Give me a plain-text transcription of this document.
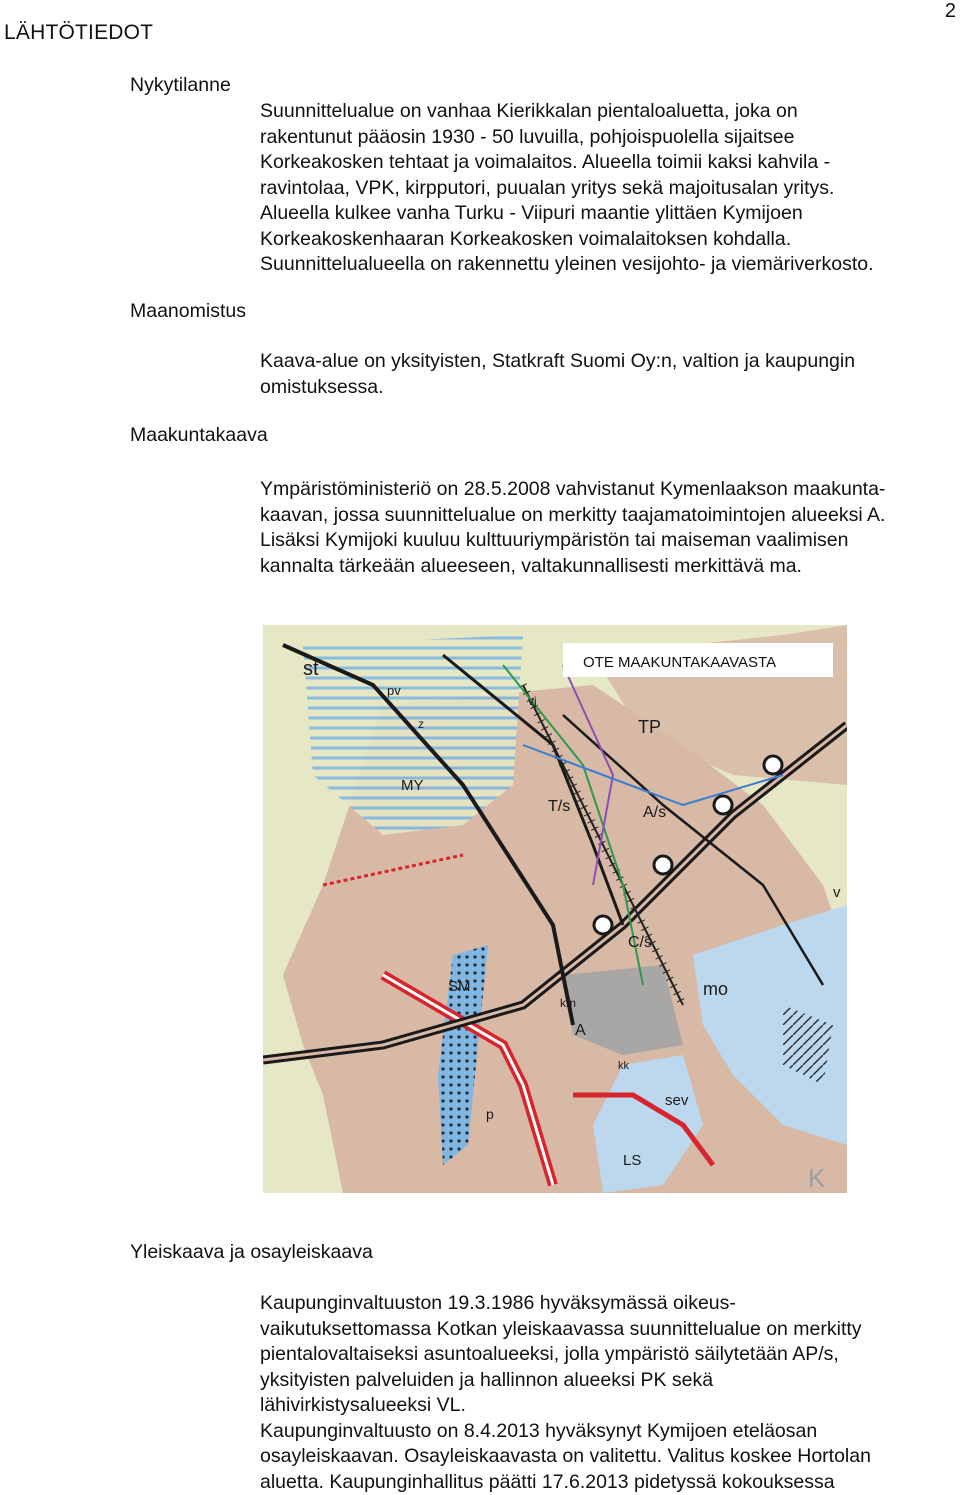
LÄHTÖTIEDOT
2
Nykytilanne
Maanomistus
Maakuntakaava
Yleiskaava ja osayleiskaava

Suunnittelualue on vanhaa Kierikkalan pientaloaluetta, joka on

rakentunut pääosin 1930 - 50 luvuilla, pohjoispuolella sijaitsee

Korkeakosken tehtaat ja voimalaitos. Alueella toimii kaksi kahvila -

ravintolaa, VPK, kirpputori, puualan yritys sekä majoitusalan yritys.

Alueella kulkee vanha Turku - Viipuri maantie ylittäen Kymijoen

Korkeakoskenhaaran Korkeakosken voimalaitoksen kohdalla.

Suunnittelualueella on rakennettu yleinen vesijohto- ja viemäriverkosto.

Kaava-alue on yksityisten, Statkraft Suomi Oy:n, valtion ja kaupungin

omistuksessa.

Ympäristöministeriö on 28.5.2008 vahvistanut Kymenlaakson maakunta-

kaavan, jossa suunnittelualue on merkitty taajamatoimintojen alueeksi A.

Lisäksi Kymijoki kuuluu kulttuuriympäristön tai maiseman vaalimisen

kannalta tärkeään alueeseen, valtakunnallisesti merkittävä ma.

OTE MAAKUNTAKAAVASTA
st
vj
mo
TP
T/s	A/s
C/s
SM
km
kk
A
sev
LS
MY
pv
v
z
p
K

Kaupunginvaltuuston 19.3.1986 hyväksymässä oikeus-

vaikutuksettomassa Kotkan yleiskaavassa suunnittelualue on merkitty

pientalovaltaiseksi asuntoalueeksi, jolla ympäristö säilytetään AP/s,

yksityisten palveluiden ja hallinnon alueeksi PK sekä

lähivirkistysalueeksi VL.

Kaupunginvaltuusto on 8.4.2013 hyväksynyt Kymijoen eteläosan

osayleiskaavan. Osayleiskaavasta on valitettu. Valitus koskee Hortolan

aluetta. Kaupunginhallitus päätti 17.6.2013 pidetyssä kokouksessa
